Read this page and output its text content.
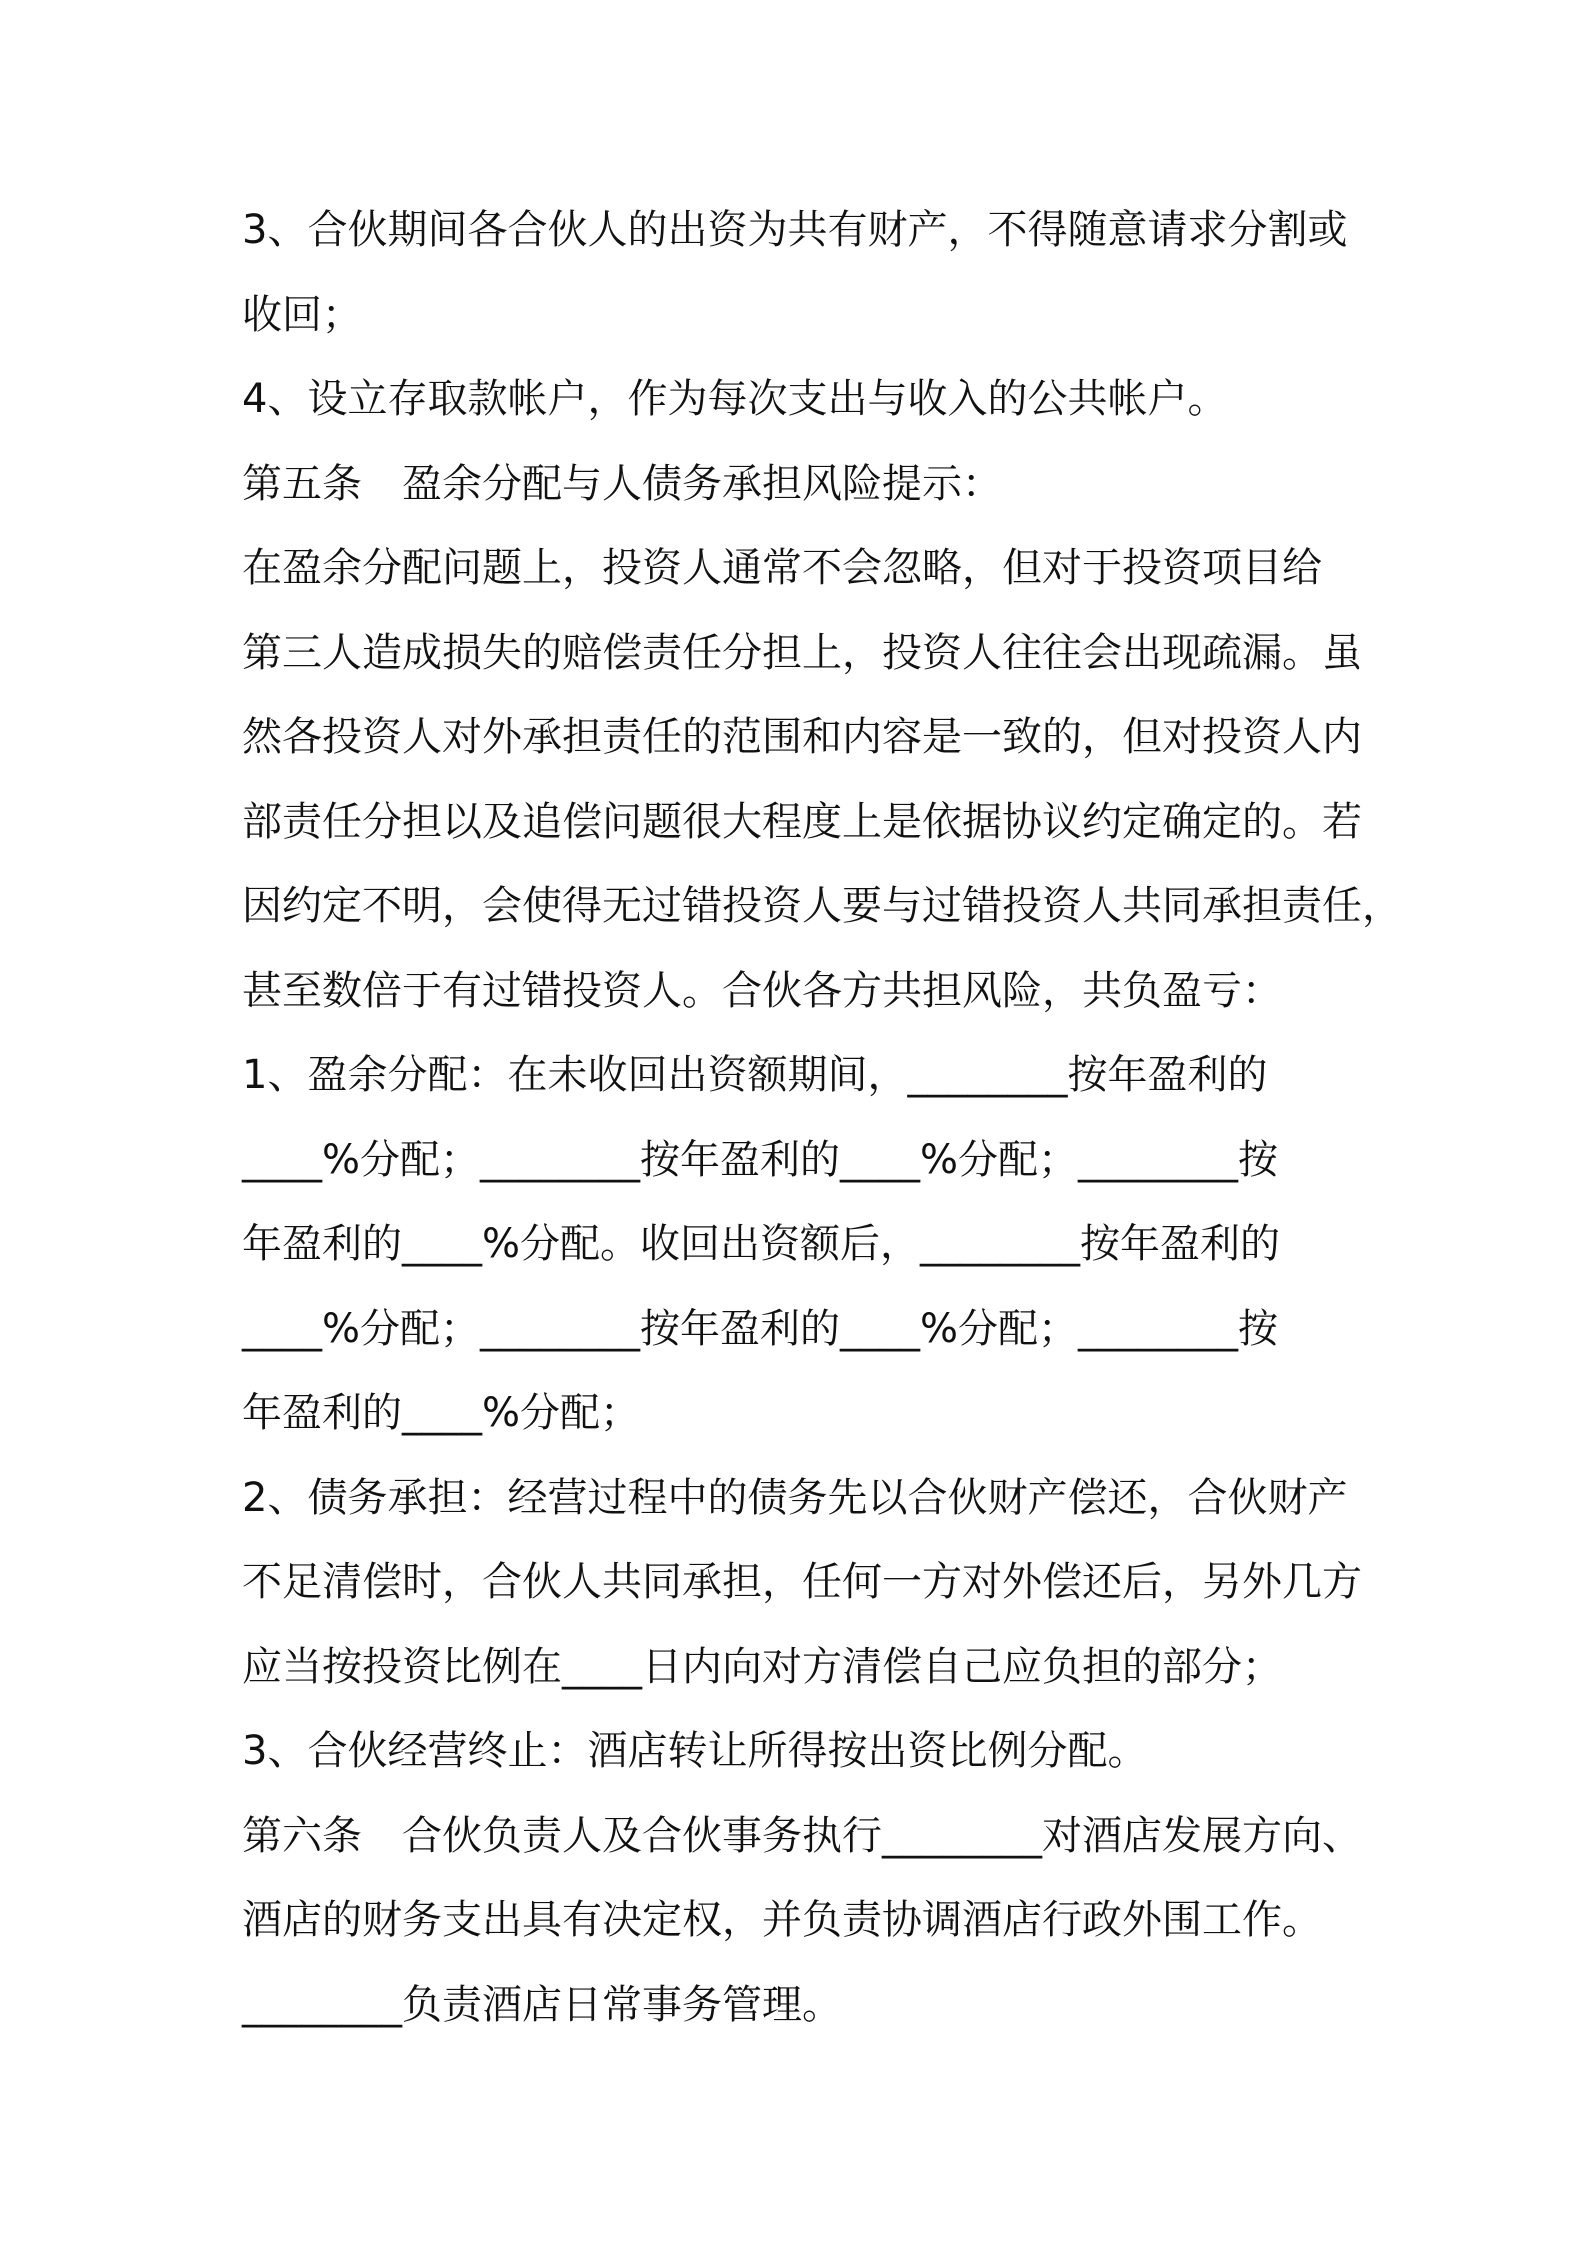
3、合伙期间各合伙人的出资为共有财产，不得随意请求分割或
收回；
4、设立存取款帐户，作为每次支出与收入的公共帐户。
第五条　盈余分配与人债务承担风险提示：
在盈余分配问题上，投资人通常不会忽略，但对于投资项目给
第三人造成损失的赔偿责任分担上，投资人往往会出现疏漏。虽
然各投资人对外承担责任的范围和内容是一致的，但对投资人内
部责任分担以及追偿问题很大程度上是依据协议约定确定的。若
因约定不明，会使得无过错投资人要与过错投资人共同承担责任，
甚至数倍于有过错投资人。合伙各方共担风险，共负盈亏：
1、盈余分配：在未收回出资额期间，________按年盈利的
____%分配；________按年盈利的____%分配；________按
年盈利的____%分配。收回出资额后，________按年盈利的
____%分配；________按年盈利的____%分配；________按
年盈利的____%分配；
2、债务承担：经营过程中的债务先以合伙财产偿还，合伙财产
不足清偿时，合伙人共同承担，任何一方对外偿还后，另外几方
应当按投资比例在____日内向对方清偿自己应负担的部分；
3、合伙经营终止：酒店转让所得按出资比例分配。
第六条　合伙负责人及合伙事务执行________对酒店发展方向、
酒店的财务支出具有决定权，并负责协调酒店行政外围工作。
________负责酒店日常事务管理。
